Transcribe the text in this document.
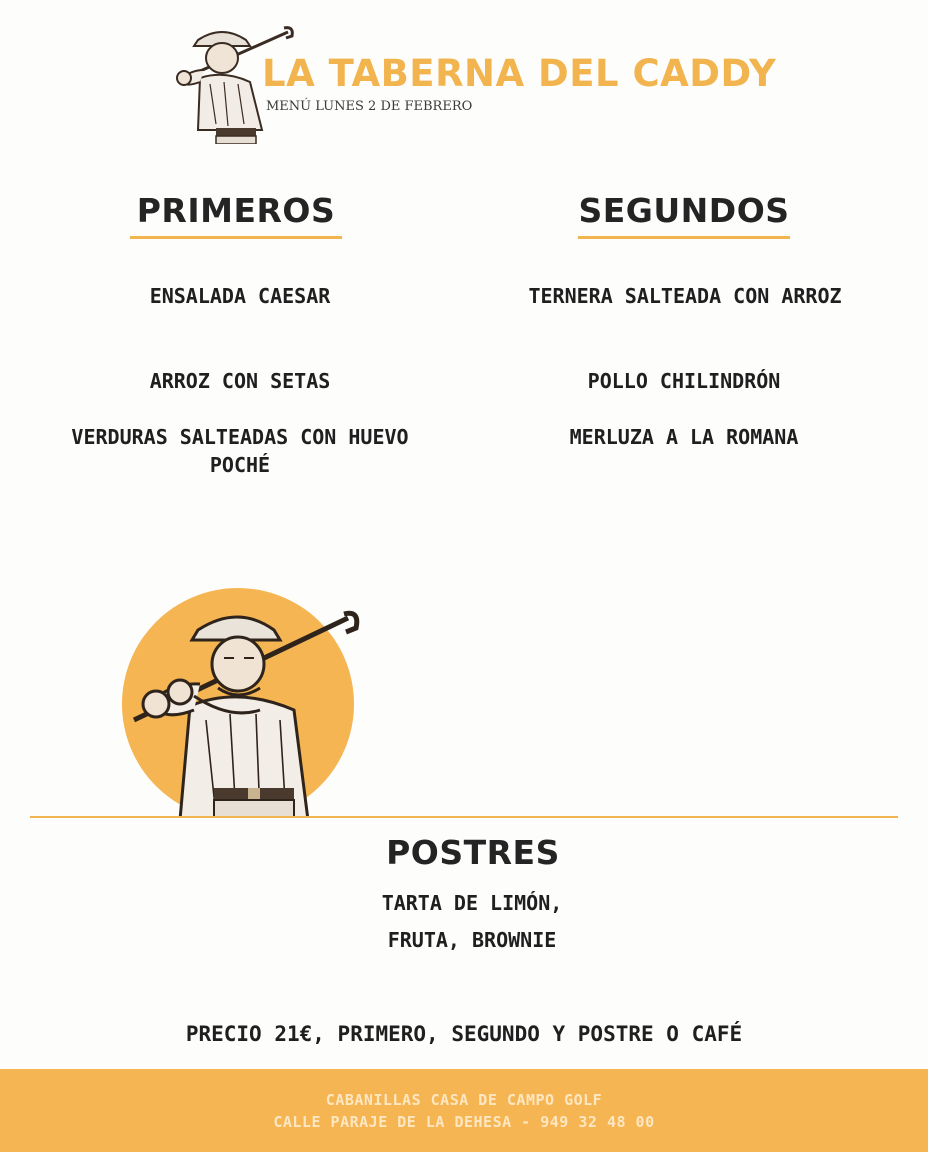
LA TABERNA DEL CADDY
MENÚ LUNES 2 DE FEBRERO
PRIMEROS
ENSALADA CAESAR
ARROZ CON SETAS
VERDURAS SALTEADAS CON HUEVO POCHÉ
SEGUNDOS
TERNERA SALTEADA CON ARROZ
POLLO CHILINDRÓN
MERLUZA A LA ROMANA
POSTRES
TARTA DE LIMÓN,
FRUTA, BROWNIE
PRECIO 21€, PRIMERO, SEGUNDO Y POSTRE O CAFÉ
CABANILLAS CASA DE CAMPO GOLF
CALLE PARAJE DE LA DEHESA - 949 32 48 00
